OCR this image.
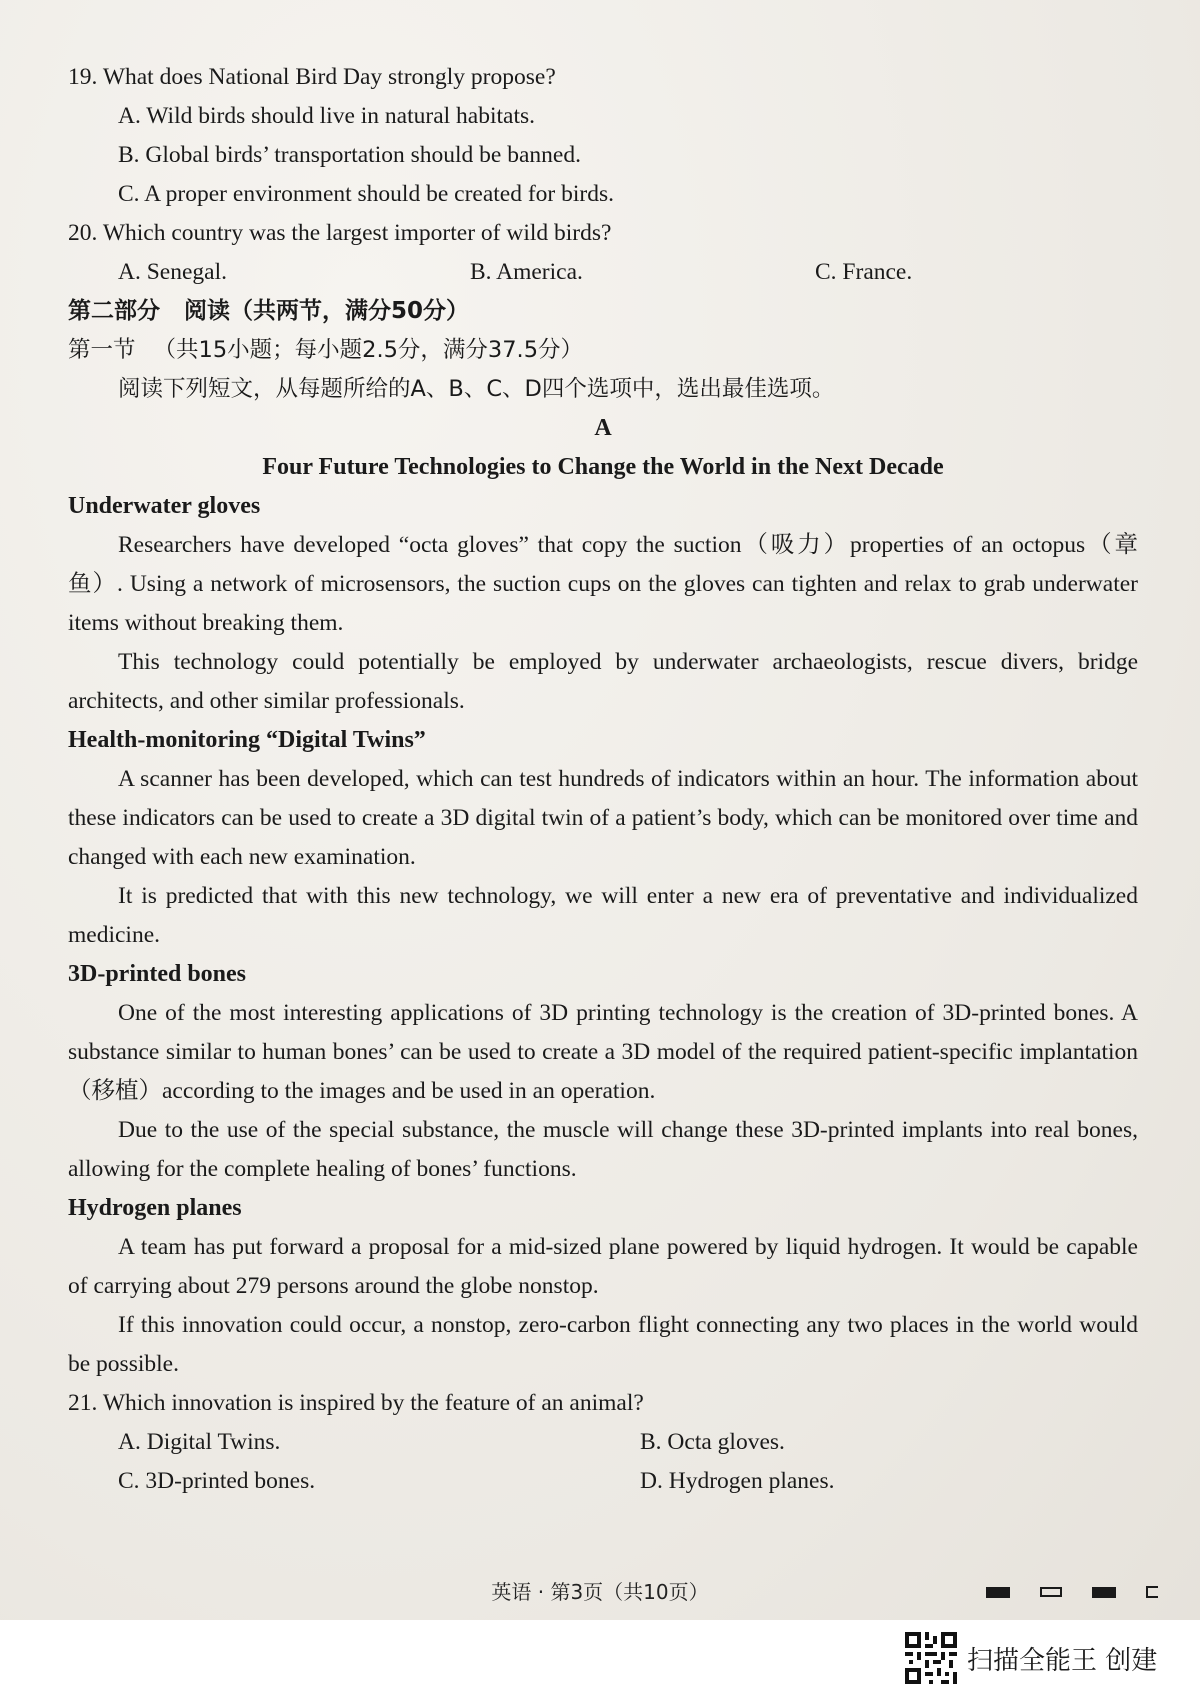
19. What does National Bird Day strongly propose?

A. Wild birds should live in natural habitats.

B. Global birds’ transportation should be banned.

C. A proper environment should be created for birds.

20. Which country was the largest importer of wild birds?

A. Senegal.	B. America.	C. France.

第二部分 阅读（共两节，满分50分）

第一节 （共15小题；每小题2.5分，满分37.5分）

阅读下列短文，从每题所给的A、B、C、D四个选项中，选出最佳选项。

A

Four Future Technologies to Change the World in the Next Decade

Underwater gloves

Researchers have developed “octa gloves” that copy the suction（吸力）properties of an octopus（章鱼）. Using a network of microsensors, the suction cups on the gloves can tighten and relax to grab underwater items without breaking them.

This technology could potentially be employed by underwater archaeologists, rescue divers, bridge architects, and other similar professionals.

Health-monitoring “Digital Twins”

A scanner has been developed, which can test hundreds of indicators within an hour. The information about these indicators can be used to create a 3D digital twin of a patient’s body, which can be monitored over time and changed with each new examination.

It is predicted that with this new technology, we will enter a new era of preventative and individualized medicine.

3D-printed bones

One of the most interesting applications of 3D printing technology is the creation of 3D-printed bones. A substance similar to human bones’ can be used to create a 3D model of the required patient-specific implantation（移植）according to the images and be used in an operation.

Due to the use of the special substance, the muscle will change these 3D-printed implants into real bones, allowing for the complete healing of bones’ functions.

Hydrogen planes

A team has put forward a proposal for a mid-sized plane powered by liquid hydrogen. It would be capable of carrying about 279 persons around the globe nonstop.

If this innovation could occur, a nonstop, zero-carbon flight connecting any two places in the world would be possible.

21. Which innovation is inspired by the feature of an animal?

A. Digital Twins.	B. Octa gloves.
C. 3D-printed bones.	D. Hydrogen planes.
英语 · 第3页（共10页）
扫描全能王 创建
